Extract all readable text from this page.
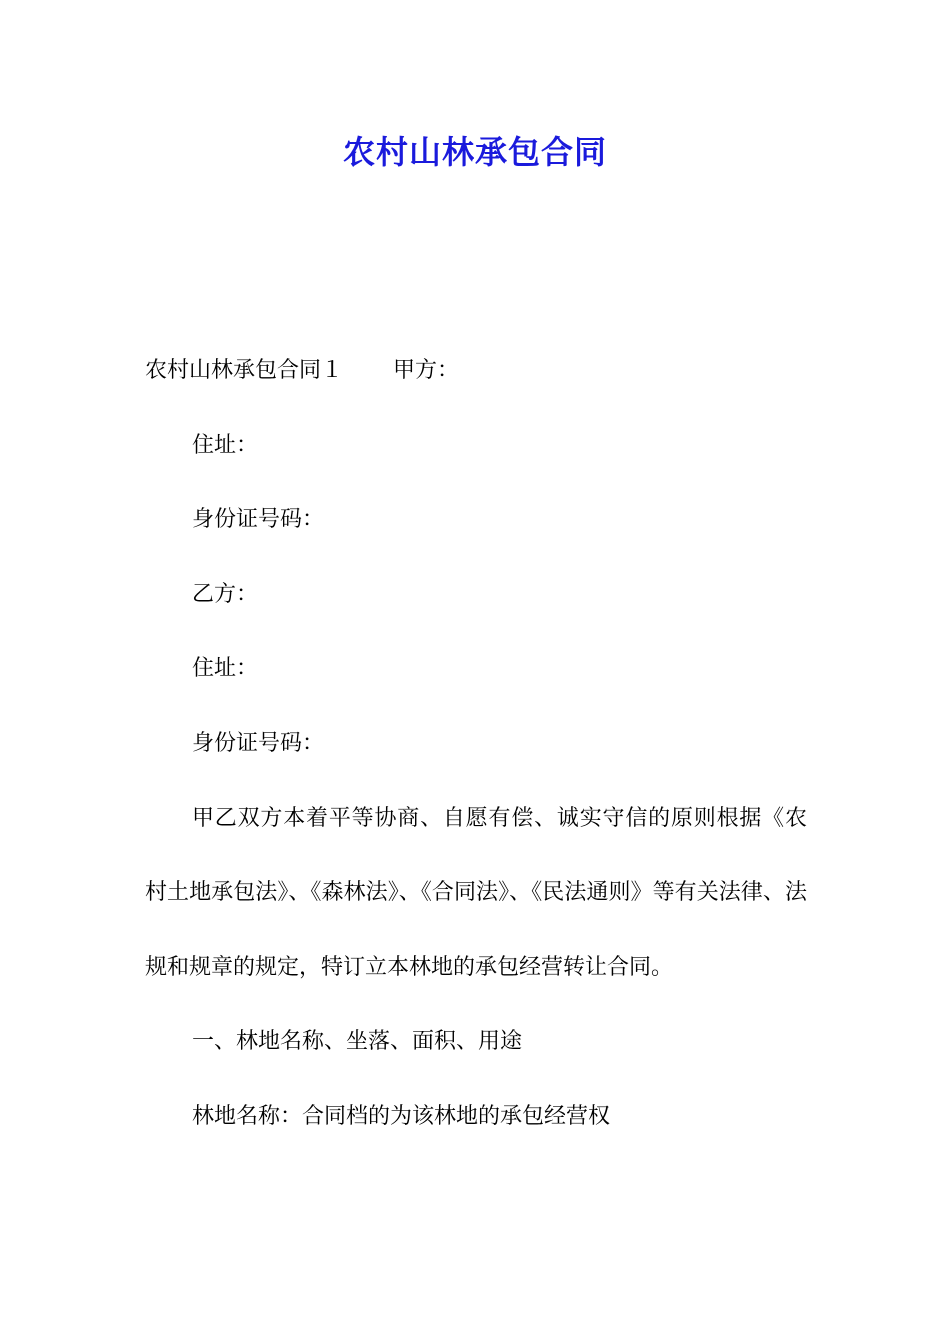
农村山林承包合同

农村山林承包合同１ 甲方：

住址：

身份证号码：

乙方：

住址：

身份证号码：

甲乙双方本着平等协商、自愿有偿、诚实守信的原则根据《农村土地承包法》、《森林法》、《合同法》、《民法通则》等有关法律、法规和规章的规定，特订立本林地的承包经营转让合同。

一、林地名称、坐落、面积、用途

林地名称：合同档的为该林地的承包经营权
